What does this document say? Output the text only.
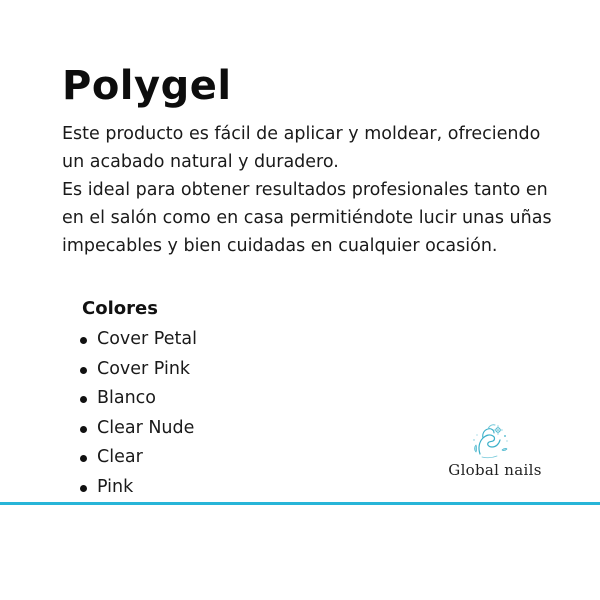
Polygel
Este producto es fácil de aplicar y moldear, ofreciendo
un acabado natural y duradero.
Es ideal para obtener resultados profesionales tanto en
en el salón como en casa permitiéndote lucir unas uñas
impecables y bien cuidadas en cualquier ocasión.
Colores
Cover Petal
Cover Pink
Blanco
Clear Nude
Clear
Pink
Global nails
